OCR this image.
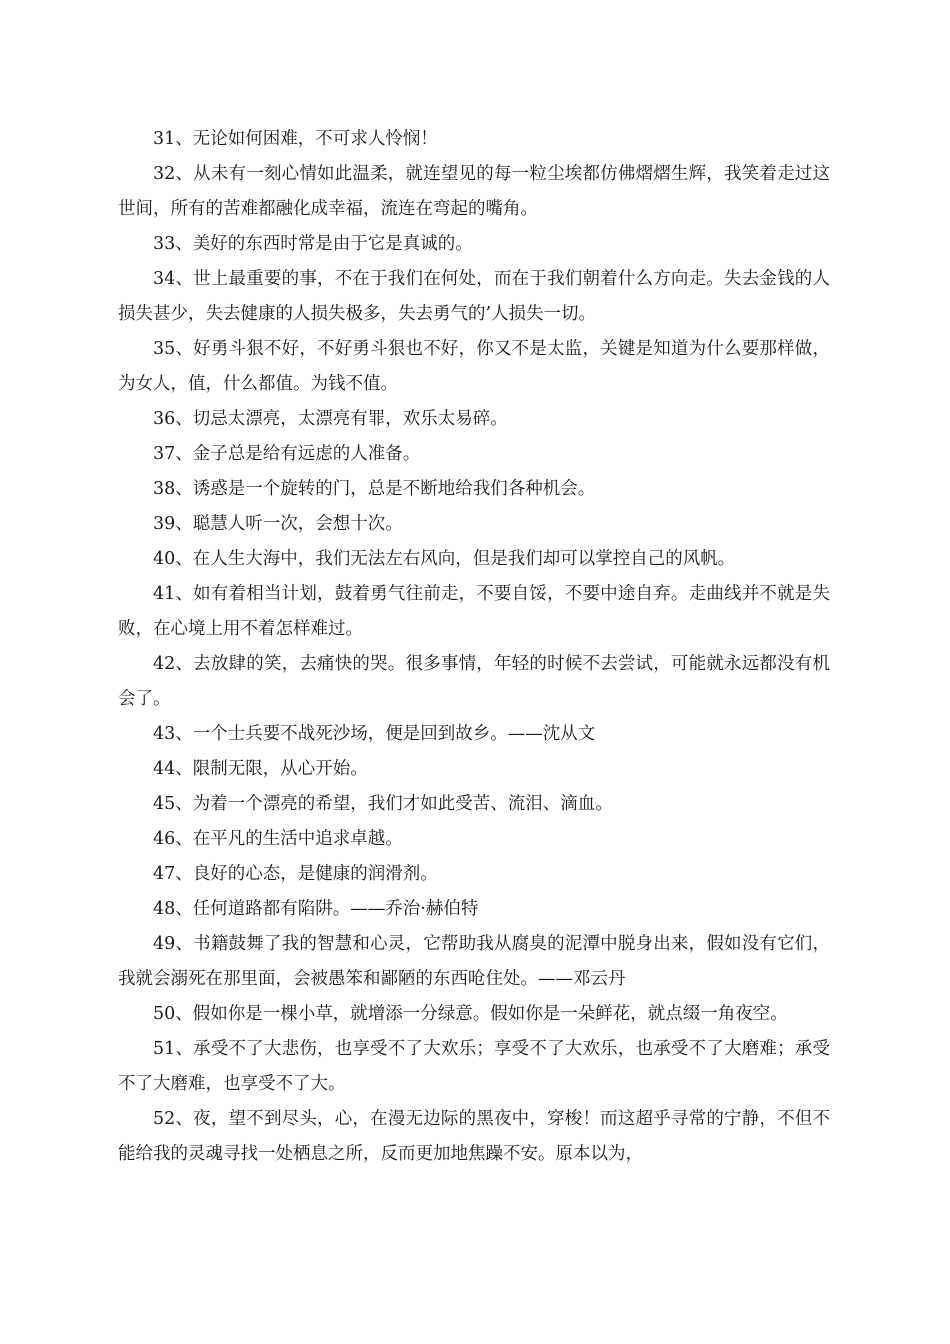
31、无论如何困难，不可求人怜悯！

32、从未有一刻心情如此温柔，就连望见的每一粒尘埃都仿佛熠熠生辉，我笑着走过这世间，所有的苦难都融化成幸福，流连在弯起的嘴角。

33、美好的东西时常是由于它是真诚的。

34、世上最重要的事，不在于我们在何处，而在于我们朝着什么方向走。失去金钱的人损失甚少，失去健康的人损失极多，失去勇气的’人损失一切。

35、好勇斗狠不好，不好勇斗狠也不好，你又不是太监，关键是知道为什么要那样做，为女人，值，什么都值。为钱不值。

36、切忌太漂亮，太漂亮有罪，欢乐太易碎。

37、金子总是给有远虑的人准备。

38、诱惑是一个旋转的门，总是不断地给我们各种机会。

39、聪慧人听一次，会想十次。

40、在人生大海中，我们无法左右风向，但是我们却可以掌控自己的风帆。

41、如有着相当计划，鼓着勇气往前走，不要自馁，不要中途自弃。走曲线并不就是失败，在心境上用不着怎样难过。

42、去放肆的笑，去痛快的哭。很多事情，年轻的时候不去尝试，可能就永远都没有机会了。

43、一个士兵要不战死沙场，便是回到故乡。——沈从文

44、限制无限，从心开始。

45、为着一个漂亮的希望，我们才如此受苦、流泪、滴血。

46、在平凡的生活中追求卓越。

47、良好的心态，是健康的润滑剂。

48、任何道路都有陷阱。——乔治·赫伯特

49、书籍鼓舞了我的智慧和心灵，它帮助我从腐臭的泥潭中脱身出来，假如没有它们，我就会溺死在那里面，会被愚笨和鄙陋的东西呛住处。——邓云丹

50、假如你是一棵小草，就增添一分绿意。假如你是一朵鲜花，就点缀一角夜空。

51、承受不了大悲伤，也享受不了大欢乐；享受不了大欢乐，也承受不了大磨难；承受不了大磨难，也享受不了大。

52、夜，望不到尽头，心，在漫无边际的黑夜中，穿梭！而这超乎寻常的宁静，不但不能给我的灵魂寻找一处栖息之所，反而更加地焦躁不安。原本以为，
